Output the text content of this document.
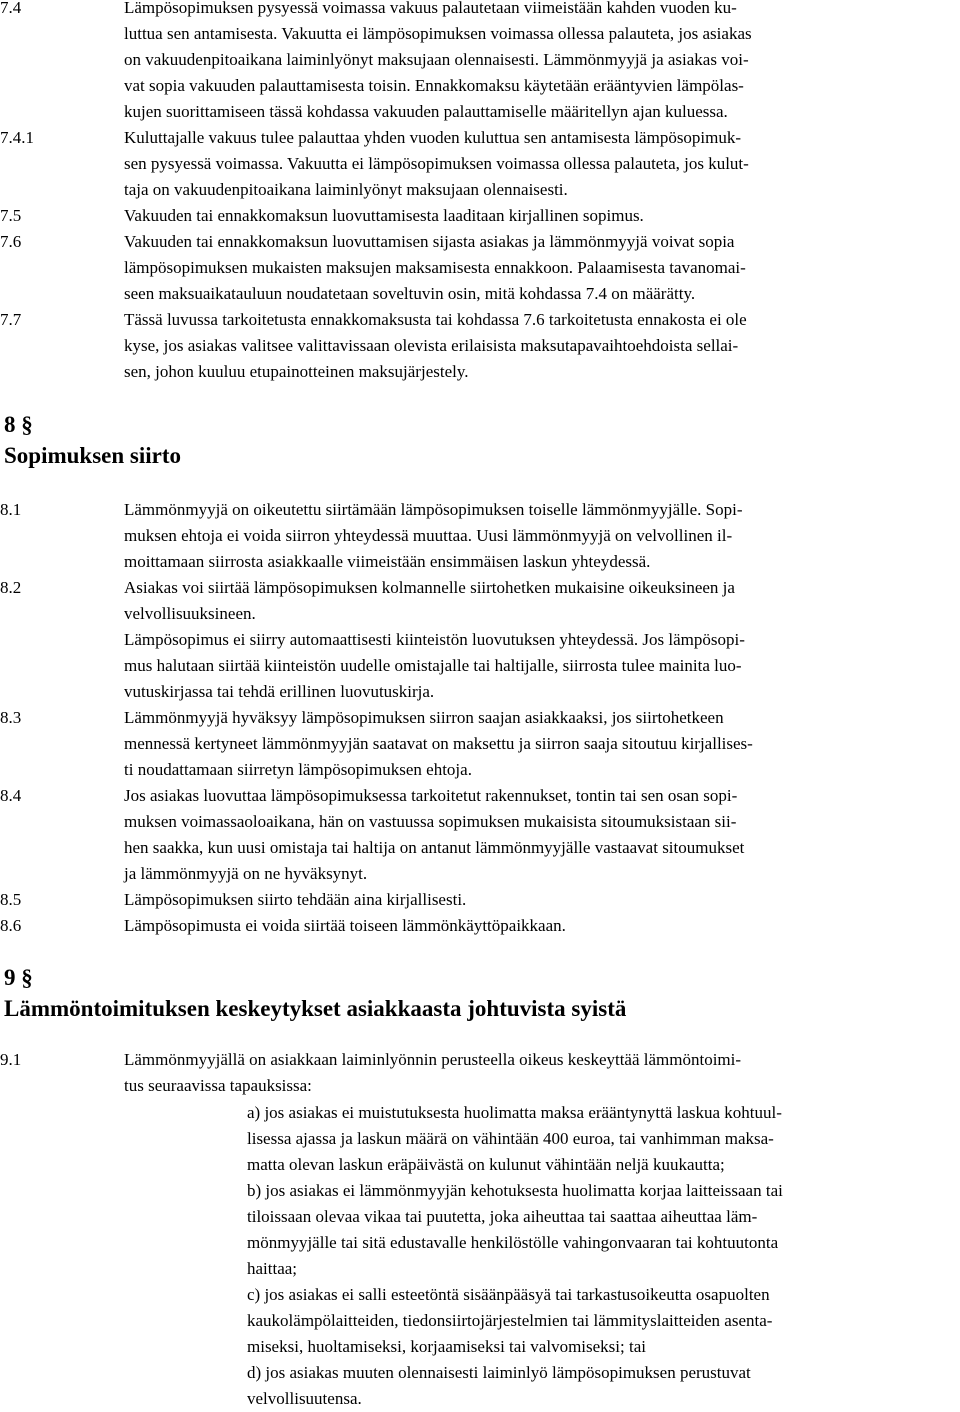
7.4	Lämpösopimuksen pysyessä voimassa vakuus palautetaan viimeistään kahden vuoden ku-
luttua sen antamisesta. Vakuutta ei lämpösopimuksen voimassa ollessa palauteta, jos asiakas
on vakuudenpitoaikana laiminlyönyt maksujaan olennaisesti. Lämmönmyyjä ja asiakas voi-
vat sopia vakuuden palauttamisesta toisin. Ennakkomaksu käytetään erääntyvien lämpölas-
kujen suorittamiseen tässä kohdassa vakuuden palauttamiselle määritellyn ajan kuluessa.
7.4.1	Kuluttajalle vakuus tulee palauttaa yhden vuoden kuluttua sen antamisesta lämpösopimuk-
sen pysyessä voimassa. Vakuutta ei lämpösopimuksen voimassa ollessa palauteta, jos kulut-
taja on vakuudenpitoaikana laiminlyönyt maksujaan olennaisesti.
7.5	Vakuuden tai ennakkomaksun luovuttamisesta laaditaan kirjallinen sopimus.
7.6	Vakuuden tai ennakkomaksun luovuttamisen sijasta asiakas ja lämmönmyyjä voivat sopia
lämpösopimuksen mukaisten maksujen maksamisesta ennakkoon. Palaamisesta tavanomai-
seen maksuaikatauluun noudatetaan soveltuvin osin, mitä kohdassa 7.4 on määrätty.
7.7	Tässä luvussa tarkoitetusta ennakkomaksusta tai kohdassa 7.6 tarkoitetusta ennakosta ei ole
kyse, jos asiakas valitsee valittavissaan olevista erilaisista maksutapavaihtoehdoista sellai-
sen, johon kuuluu etupainotteinen maksujärjestely.
8 §
Sopimuksen siirto
8.1	Lämmönmyyjä on oikeutettu siirtämään lämpösopimuksen toiselle lämmönmyyjälle. Sopi-
muksen ehtoja ei voida siirron yhteydessä muuttaa. Uusi lämmönmyyjä on velvollinen il-
moittamaan siirrosta asiakkaalle viimeistään ensimmäisen laskun yhteydessä.
8.2	Asiakas voi siirtää lämpösopimuksen kolmannelle siirtohetken mukaisine oikeuksineen ja
velvollisuuksineen.
Lämpösopimus ei siirry automaattisesti kiinteistön luovutuksen yhteydessä. Jos lämpösopi-
mus halutaan siirtää kiinteistön uudelle omistajalle tai haltijalle, siirrosta tulee mainita luo-
vutuskirjassa tai tehdä erillinen luovutuskirja.
8.3	Lämmönmyyjä hyväksyy lämpösopimuksen siirron saajan asiakkaaksi, jos siirtohetkeen
mennessä kertyneet lämmönmyyjän saatavat on maksettu ja siirron saaja sitoutuu kirjallises-
ti noudattamaan siirretyn lämpösopimuksen ehtoja.
8.4	Jos asiakas luovuttaa lämpösopimuksessa tarkoitetut rakennukset, tontin tai sen osan sopi-
muksen voimassaoloaikana, hän on vastuussa sopimuksen mukaisista sitoumuksistaan sii-
hen saakka, kun uusi omistaja tai haltija on antanut lämmönmyyjälle vastaavat sitoumukset
ja lämmönmyyjä on ne hyväksynyt.
8.5	Lämpösopimuksen siirto tehdään aina kirjallisesti.
8.6	Lämpösopimusta ei voida siirtää toiseen lämmönkäyttöpaikkaan.
9 §
Lämmöntoimituksen keskeytykset asiakkaasta johtuvista syistä
9.1	Lämmönmyyjällä on asiakkaan laiminlyönnin perusteella oikeus keskeyttää lämmöntoimi-
tus seuraavissa tapauksissa:
a) jos asiakas ei muistutuksesta huolimatta maksa erääntynyttä laskua kohtuul-
lisessa ajassa ja laskun määrä on vähintään 400 euroa, tai vanhimman maksa-
matta olevan laskun eräpäivästä on kulunut vähintään neljä kuukautta;
b) jos asiakas ei lämmönmyyjän kehotuksesta huolimatta korjaa laitteissaan tai
tiloissaan olevaa vikaa tai puutetta, joka aiheuttaa tai saattaa aiheuttaa läm-
mönmyyjälle tai sitä edustavalle henkilöstölle vahingonvaaran tai kohtuutonta
haittaa;
c) jos asiakas ei salli esteetöntä sisäänpääsyä tai tarkastusoikeutta osapuolten
kaukolämpölaitteiden, tiedonsiirtojärjestelmien tai lämmityslaitteiden asenta-
miseksi, huoltamiseksi, korjaamiseksi tai valvomiseksi; tai
d) jos asiakas muuten olennaisesti laiminlyö lämpösopimuksen perustuvat
velvollisuutensa.
